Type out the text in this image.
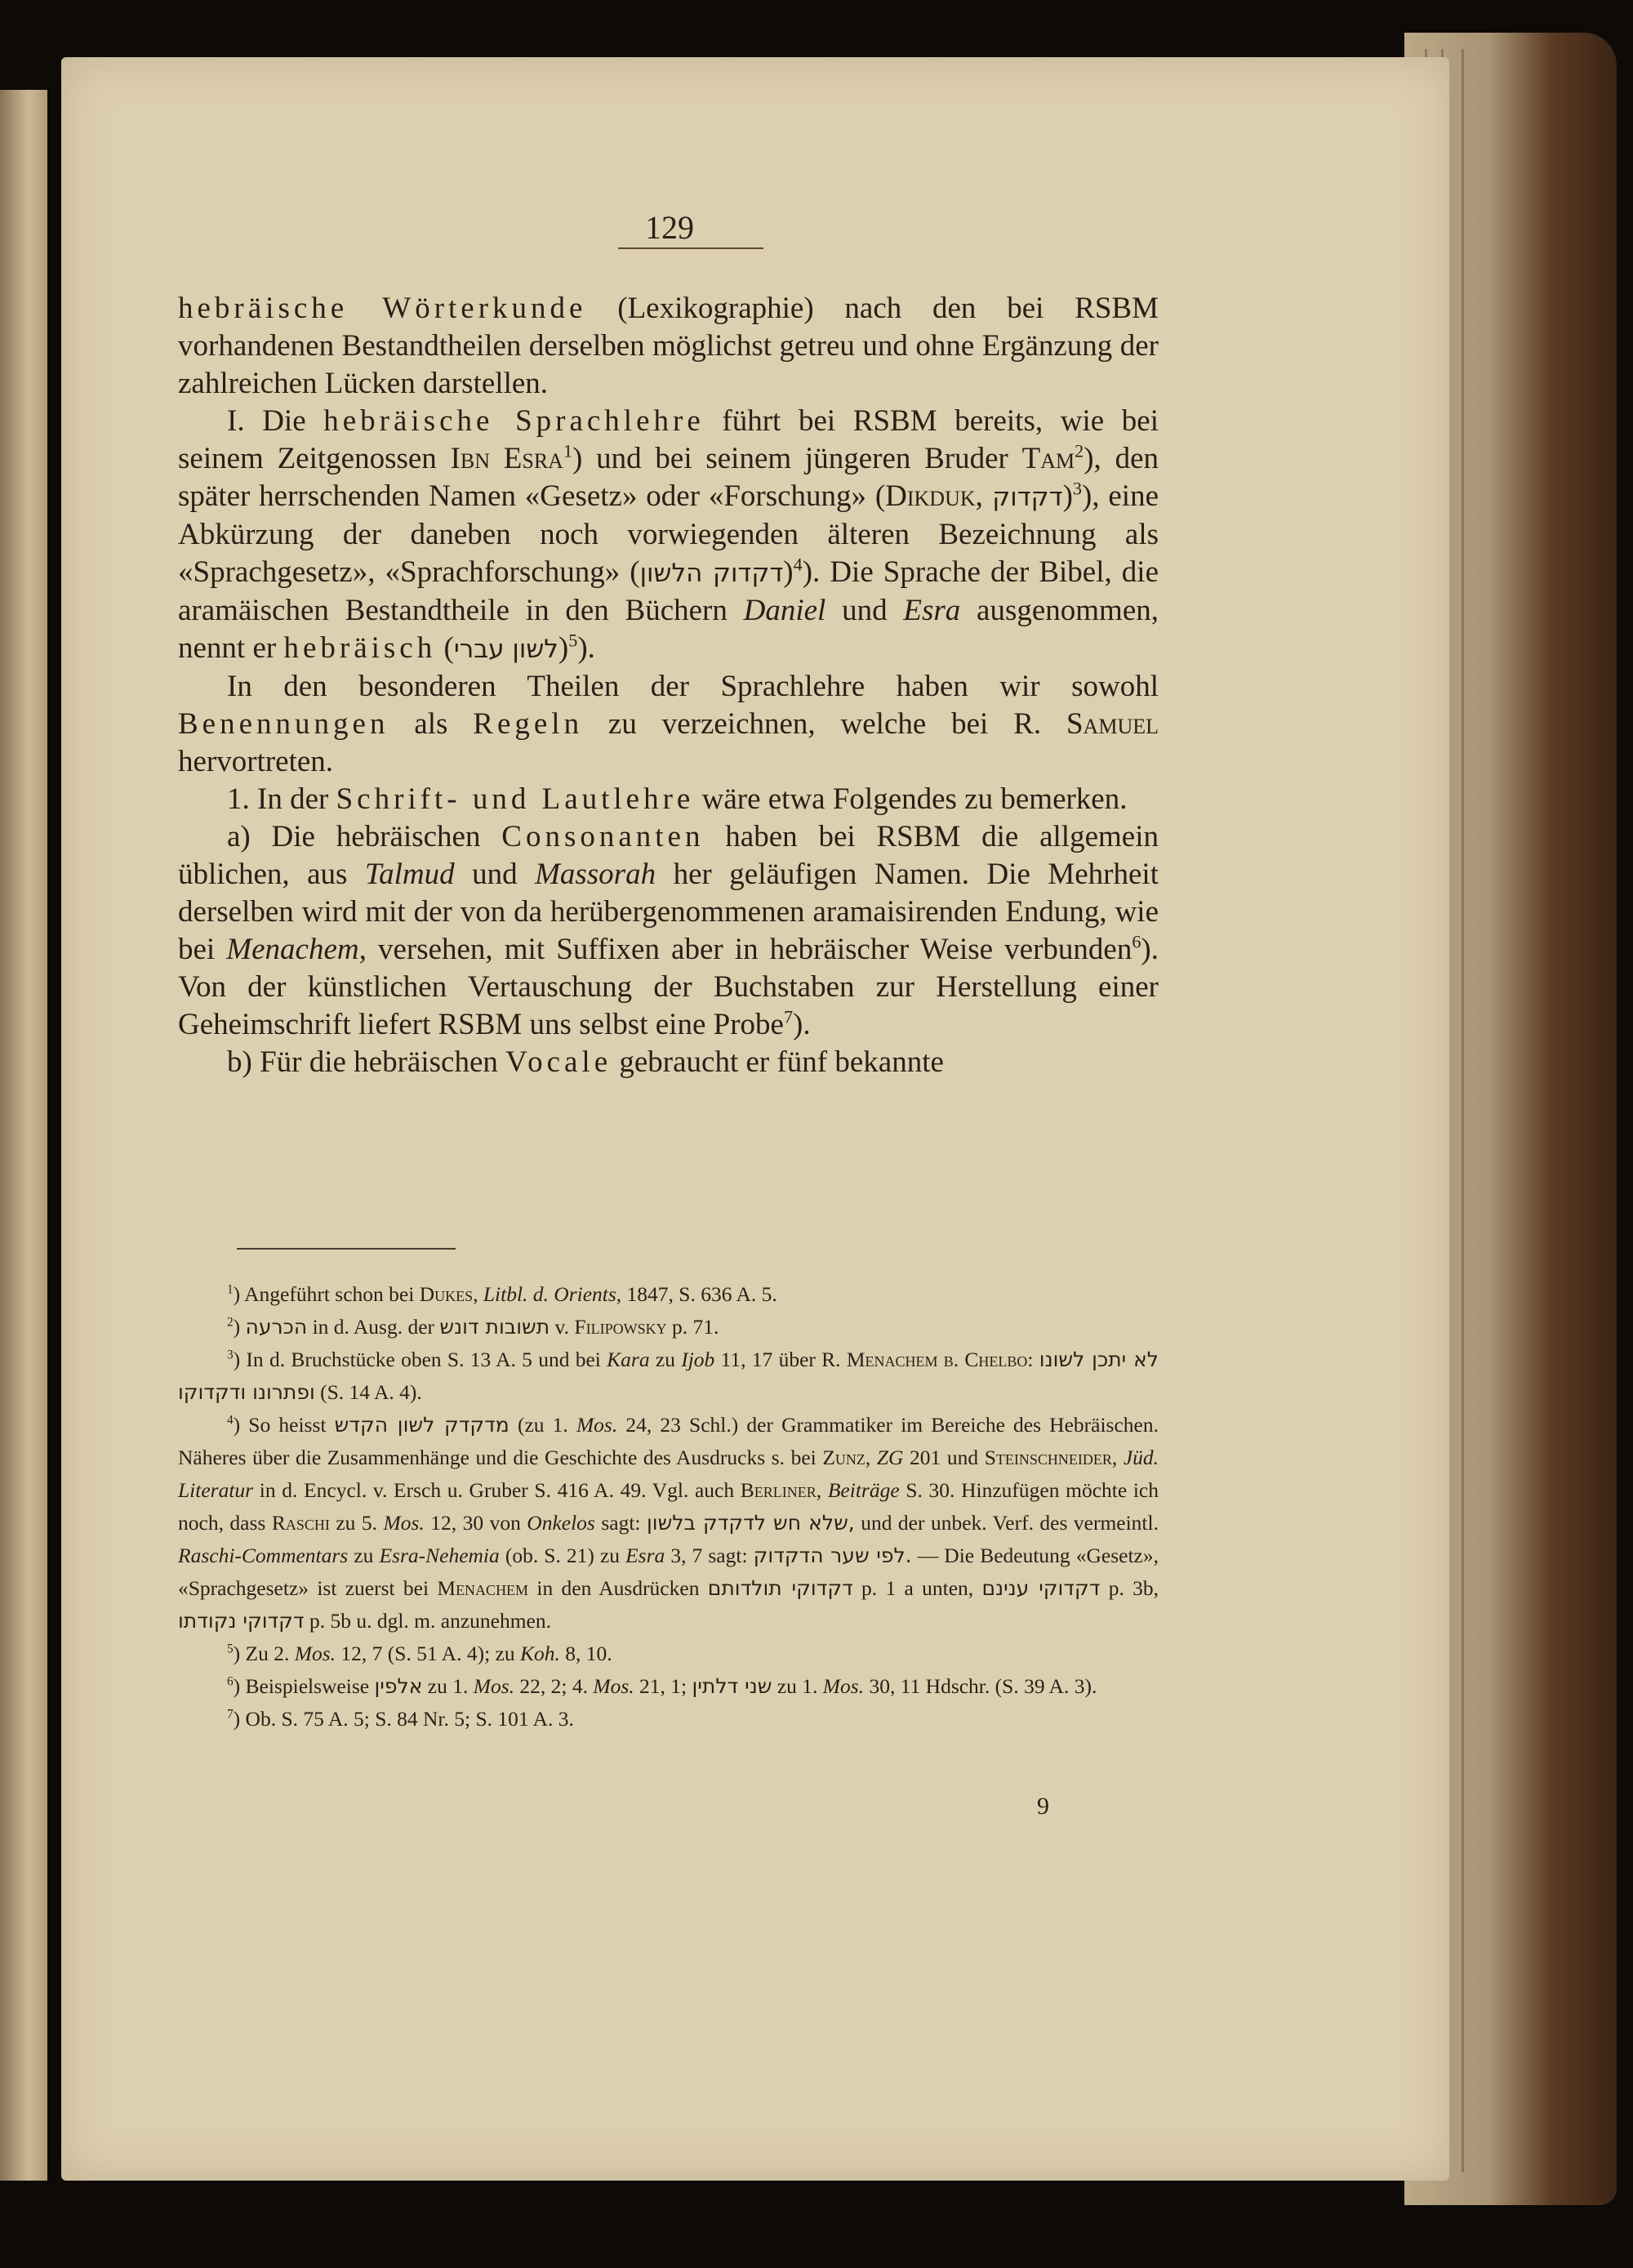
129

hebräische Wörterkunde (Lexikographie) nach den bei RSBM vorhandenen Bestandtheilen derselben möglichst getreu und ohne Ergänzung der zahlreichen Lücken darstellen.

I. Die hebräische Sprachlehre führt bei RSBM bereits, wie bei seinem Zeitgenossen Ibn Esra$^1$) und bei seinem jüngeren Bruder Tam$^2$), den später herrschenden Namen «Gesetz» oder «Forschung» (Dikduk, דקדוק)$^3$), eine Abkürzung der daneben noch vorwiegenden älteren Bezeichnung als «Sprachgesetz», «Sprachforschung» (דקדוק הלשון)$^4$). Die Sprache der Bibel, die aramäischen Bestandtheile in den Büchern Daniel und Esra ausgenommen, nennt er hebräisch (לשון עברי)$^5$).

In den besonderen Theilen der Sprachlehre haben wir sowohl Benennungen als Regeln zu verzeichnen, welche bei R. Samuel hervortreten.

1. In der Schrift- und Lautlehre wäre etwa Folgendes zu bemerken.

a) Die hebräischen Consonanten haben bei RSBM die allgemein üblichen, aus Talmud und Massorah her geläufigen Namen. Die Mehrheit derselben wird mit der von da herübergenommenen aramaisirenden Endung, wie bei Menachem, versehen, mit Suffixen aber in hebräischer Weise verbunden$^6$). Von der künstlichen Vertauschung der Buchstaben zur Herstellung einer Geheimschrift liefert RSBM uns selbst eine Probe$^7$).

b) Für die hebräischen Vocale gebraucht er fünf bekannte

$^1$) Angeführt schon bei Dukes, Litbl. d. Orients, 1847, S. 636 A. 5.

$^2$) הכרעה in d. Ausg. der תשובות דונש v. Filipowsky p. 71.

$^3$) In d. Bruchstücke oben S. 13 A. 5 und bei Kara zu Ijob 11, 17 über R. Menachem b. Chelbo: לא יתכן לשונו ופתרונו ודקדוקו (S. 14 A. 4).

$^4$) So heisst מדקדק לשון הקדש (zu 1. Mos. 24, 23 Schl.) der Grammatiker im Bereiche des Hebräischen. Näheres über die Zusammenhänge und die Geschichte des Ausdrucks s. bei Zunz, ZG 201 und Steinschneider, Jüd. Literatur in d. Encycl. v. Ersch u. Gruber S. 416 A. 49. Vgl. auch Berliner, Beiträge S. 30. Hinzufügen möchte ich noch, dass Raschi zu 5. Mos. 12, 30 von Onkelos sagt: שלא חש לדקדק בלשון, und der unbek. Verf. des vermeintl. Raschi-Commentars zu Esra-Nehemia (ob. S. 21) zu Esra 3, 7 sagt: לפי שער הדקדוק. — Die Bedeutung «Gesetz», «Sprachgesetz» ist zuerst bei Menachem in den Ausdrücken דקדוקי תולדותם p. 1 a unten, דקדוקי ענינם p. 3b, דקדוקי נקודתו p. 5b u. dgl. m. anzunehmen.

$^5$) Zu 2. Mos. 12, 7 (S. 51 A. 4); zu Koh. 8, 10.

$^6$) Beispielsweise אלפין zu 1. Mos. 22, 2; 4. Mos. 21, 1; שני דלתין zu 1. Mos. 30, 11 Hdschr. (S. 39 A. 3).

$^7$) Ob. S. 75 A. 5; S. 84 Nr. 5; S. 101 A. 3.

9
